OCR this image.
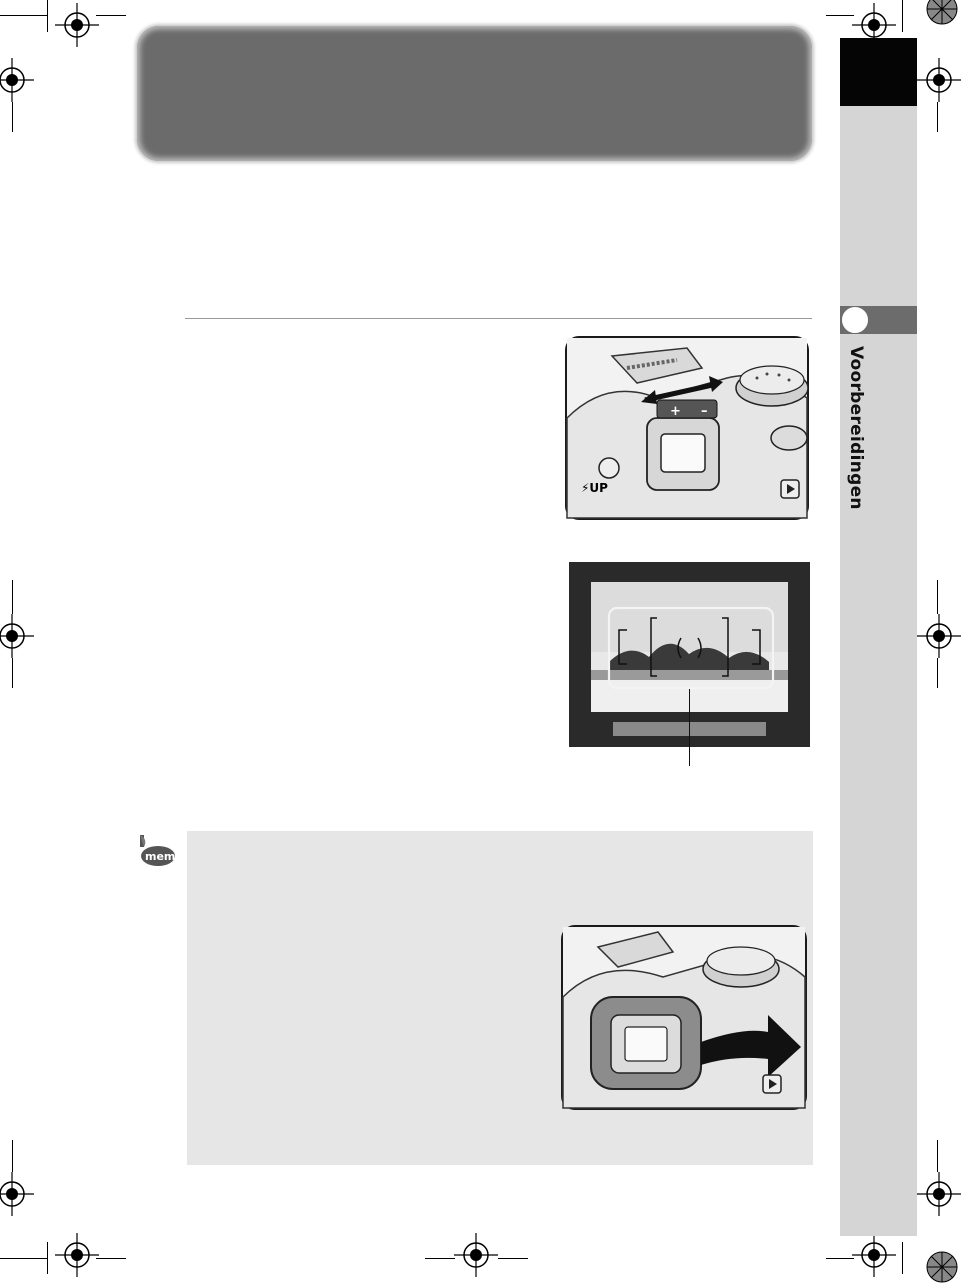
Voorbereidingen
+ –
⚡UP
memo
